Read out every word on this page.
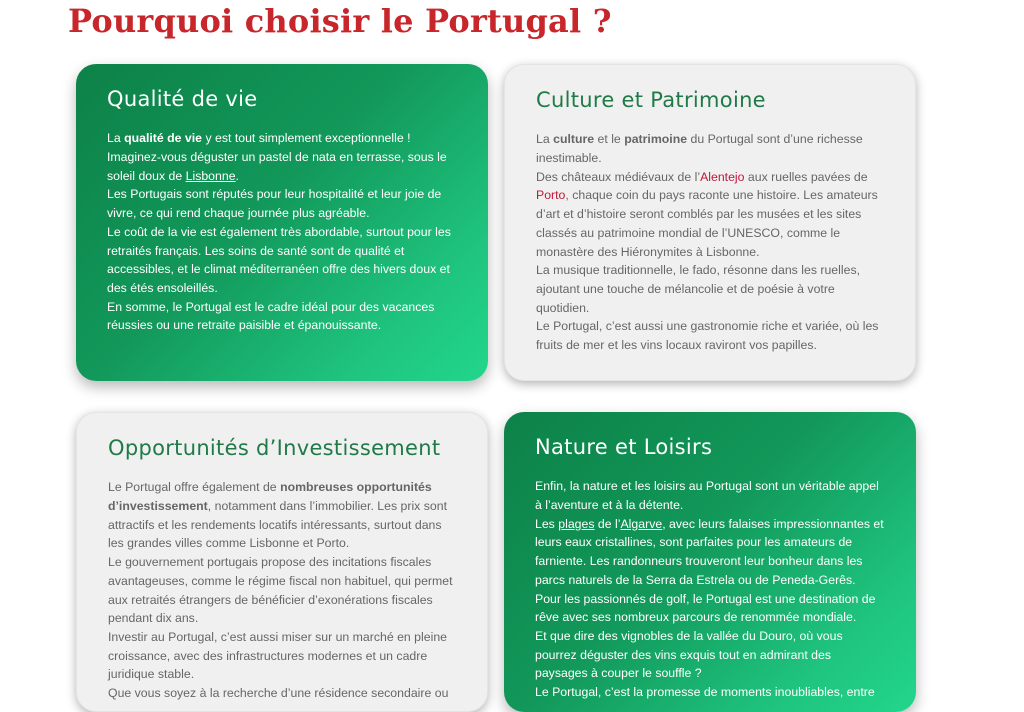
Pourquoi choisir le Portugal ?
Qualité de vie

La qualité de vie y est tout simplement exceptionnelle !

Imaginez-vous déguster un pastel de nata en terrasse, sous le soleil doux de Lisbonne.

Les Portugais sont réputés pour leur hospitalité et leur joie de vivre, ce qui rend chaque journée plus agréable.

Le coût de la vie est également très abordable, surtout pour les retraités français. Les soins de santé sont de qualité et accessibles, et le climat méditerranéen offre des hivers doux et des étés ensoleillés.

En somme, le Portugal est le cadre idéal pour des vacances réussies ou une retraite paisible et épanouissante.

Culture et Patrimoine

La culture et le patrimoine du Portugal sont d’une richesse inestimable.

Des châteaux médiévaux de l’Alentejo aux ruelles pavées de Porto, chaque coin du pays raconte une histoire. Les amateurs d’art et d’histoire seront comblés par les musées et les sites classés au patrimoine mondial de l’UNESCO, comme le monastère des Hiéronymites à Lisbonne.

La musique traditionnelle, le fado, résonne dans les ruelles, ajoutant une touche de mélancolie et de poésie à votre quotidien.

Le Portugal, c’est aussi une gastronomie riche et variée, où les fruits de mer et les vins locaux raviront vos papilles.

Opportunités d’Investissement

Le Portugal offre également de nombreuses opportunités d’investissement, notamment dans l’immobilier. Les prix sont attractifs et les rendements locatifs intéressants, surtout dans les grandes villes comme Lisbonne et Porto.

Le gouvernement portugais propose des incitations fiscales avantageuses, comme le régime fiscal non habituel, qui permet aux retraités étrangers de bénéficier d’exonérations fiscales pendant dix ans.

Investir au Portugal, c’est aussi miser sur un marché en pleine croissance, avec des infrastructures modernes et un cadre juridique stable.

Que vous soyez à la recherche d’une résidence secondaire ou

Nature et Loisirs

Enfin, la nature et les loisirs au Portugal sont un véritable appel à l’aventure et à la détente.

Les plages de l’Algarve, avec leurs falaises impressionnantes et leurs eaux cristallines, sont parfaites pour les amateurs de farniente. Les randonneurs trouveront leur bonheur dans les parcs naturels de la Serra da Estrela ou de Peneda-Gerês.

Pour les passionnés de golf, le Portugal est une destination de rêve avec ses nombreux parcours de renommée mondiale.

Et que dire des vignobles de la vallée du Douro, où vous pourrez déguster des vins exquis tout en admirant des paysages à couper le souffle ?

Le Portugal, c’est la promesse de moments inoubliables, entre
